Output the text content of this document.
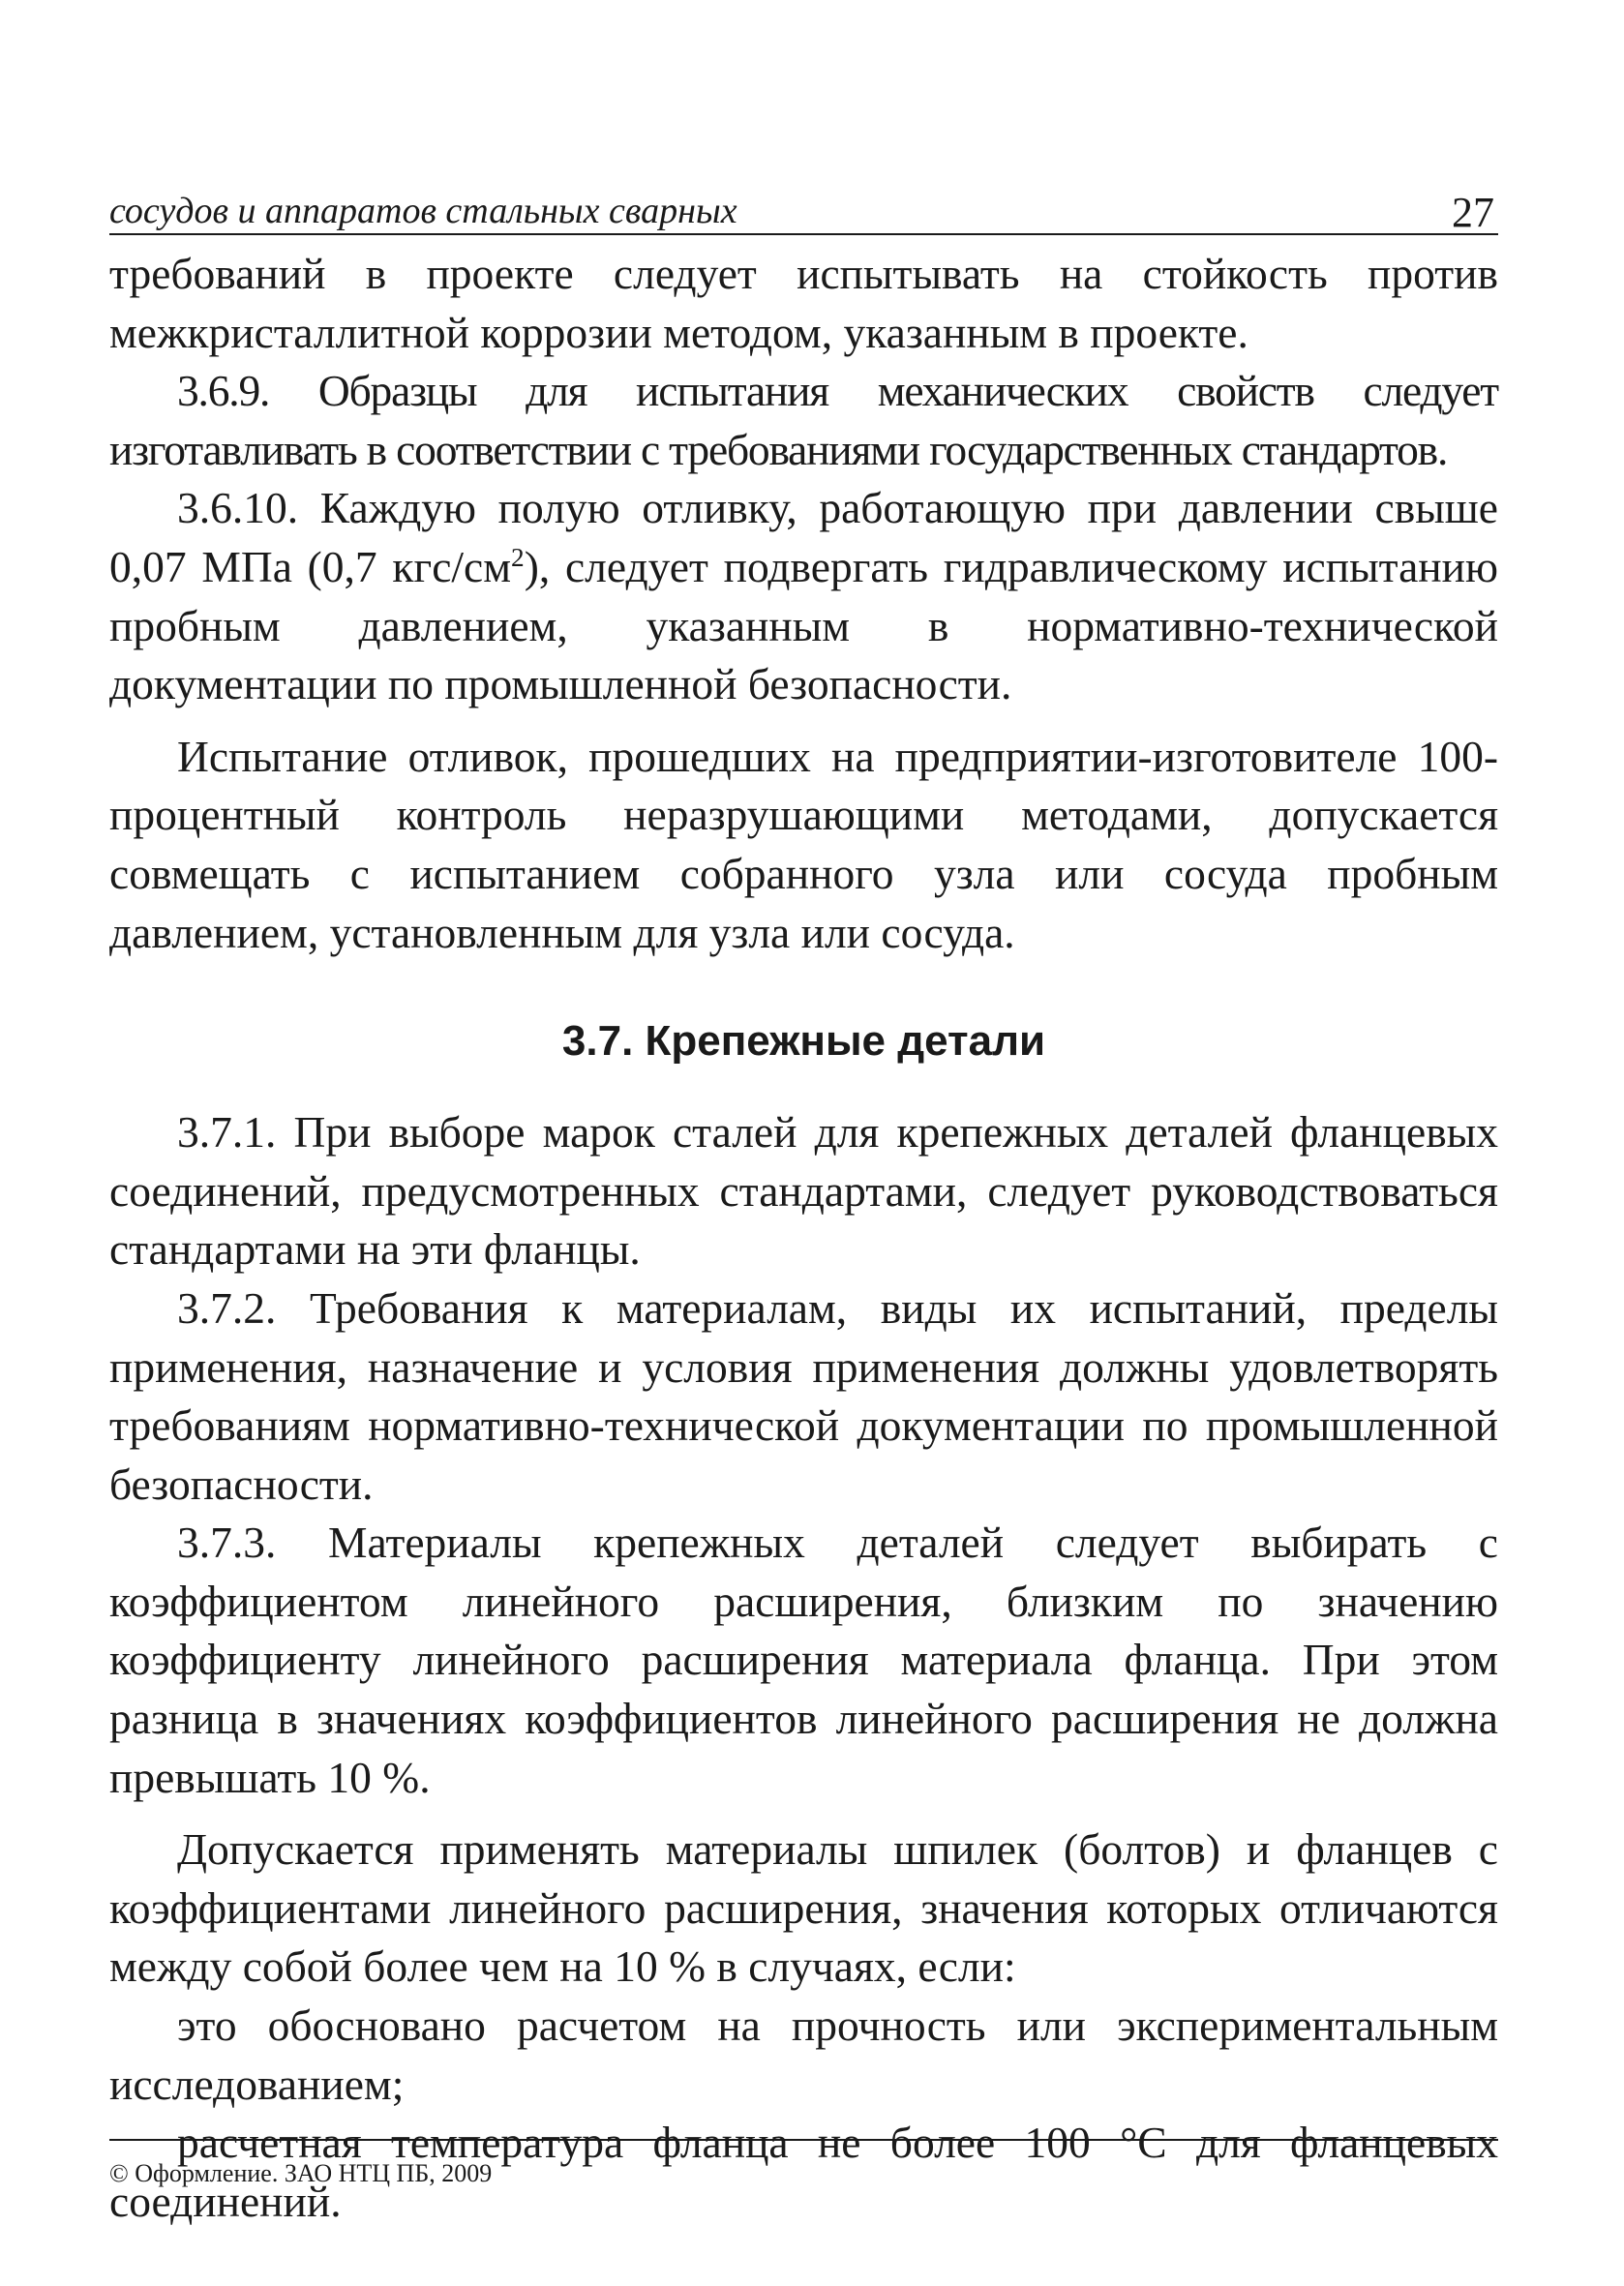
сосудов и аппаратов стальных сварных	27

требований в проекте следует испытывать на стойкость против межкристаллитной коррозии методом, указанным в проекте.

3.6.9. Образцы для испытания механических свойств следует изготавливать в соответствии с требованиями государственных стандартов.

3.6.10. Каждую полую отливку, работающую при давлении свыше 0,07 МПа (0,7 кгс/$см^2$), следует подвергать гидравлическому испытанию пробным давлением, указанным в нормативно-технической документации по промышленной безопасности.

Испытание отливок, прошедших на предприятии-изготовителе 100-процентный контроль неразрушающими методами, допускается совмещать с испытанием собранного узла или сосуда пробным давлением, установленным для узла или сосуда.

3.7. Крепежные детали

3.7.1. При выборе марок сталей для крепежных деталей фланцевых соединений, предусмотренных стандартами, следует руководствоваться стандартами на эти фланцы.

3.7.2. Требования к материалам, виды их испытаний, пределы применения, назначение и условия применения должны удовлетворять требованиям нормативно-технической документации по промышленной безопасности.

3.7.3. Материалы крепежных деталей следует выбирать с коэффициентом линейного расширения, близким по значению коэффициенту линейного расширения материала фланца. При этом разница в значениях коэффициентов линейного расширения не должна превышать 10 %.

Допускается применять материалы шпилек (болтов) и фланцев с коэффициентами линейного расширения, значения которых отличаются между собой более чем на 10 % в случаях, если:

это обосновано расчетом на прочность или экспериментальным исследованием;

расчетная температура фланца не более 100 °С для фланцевых соединений.

© Оформление. ЗАО НТЦ ПБ, 2009
